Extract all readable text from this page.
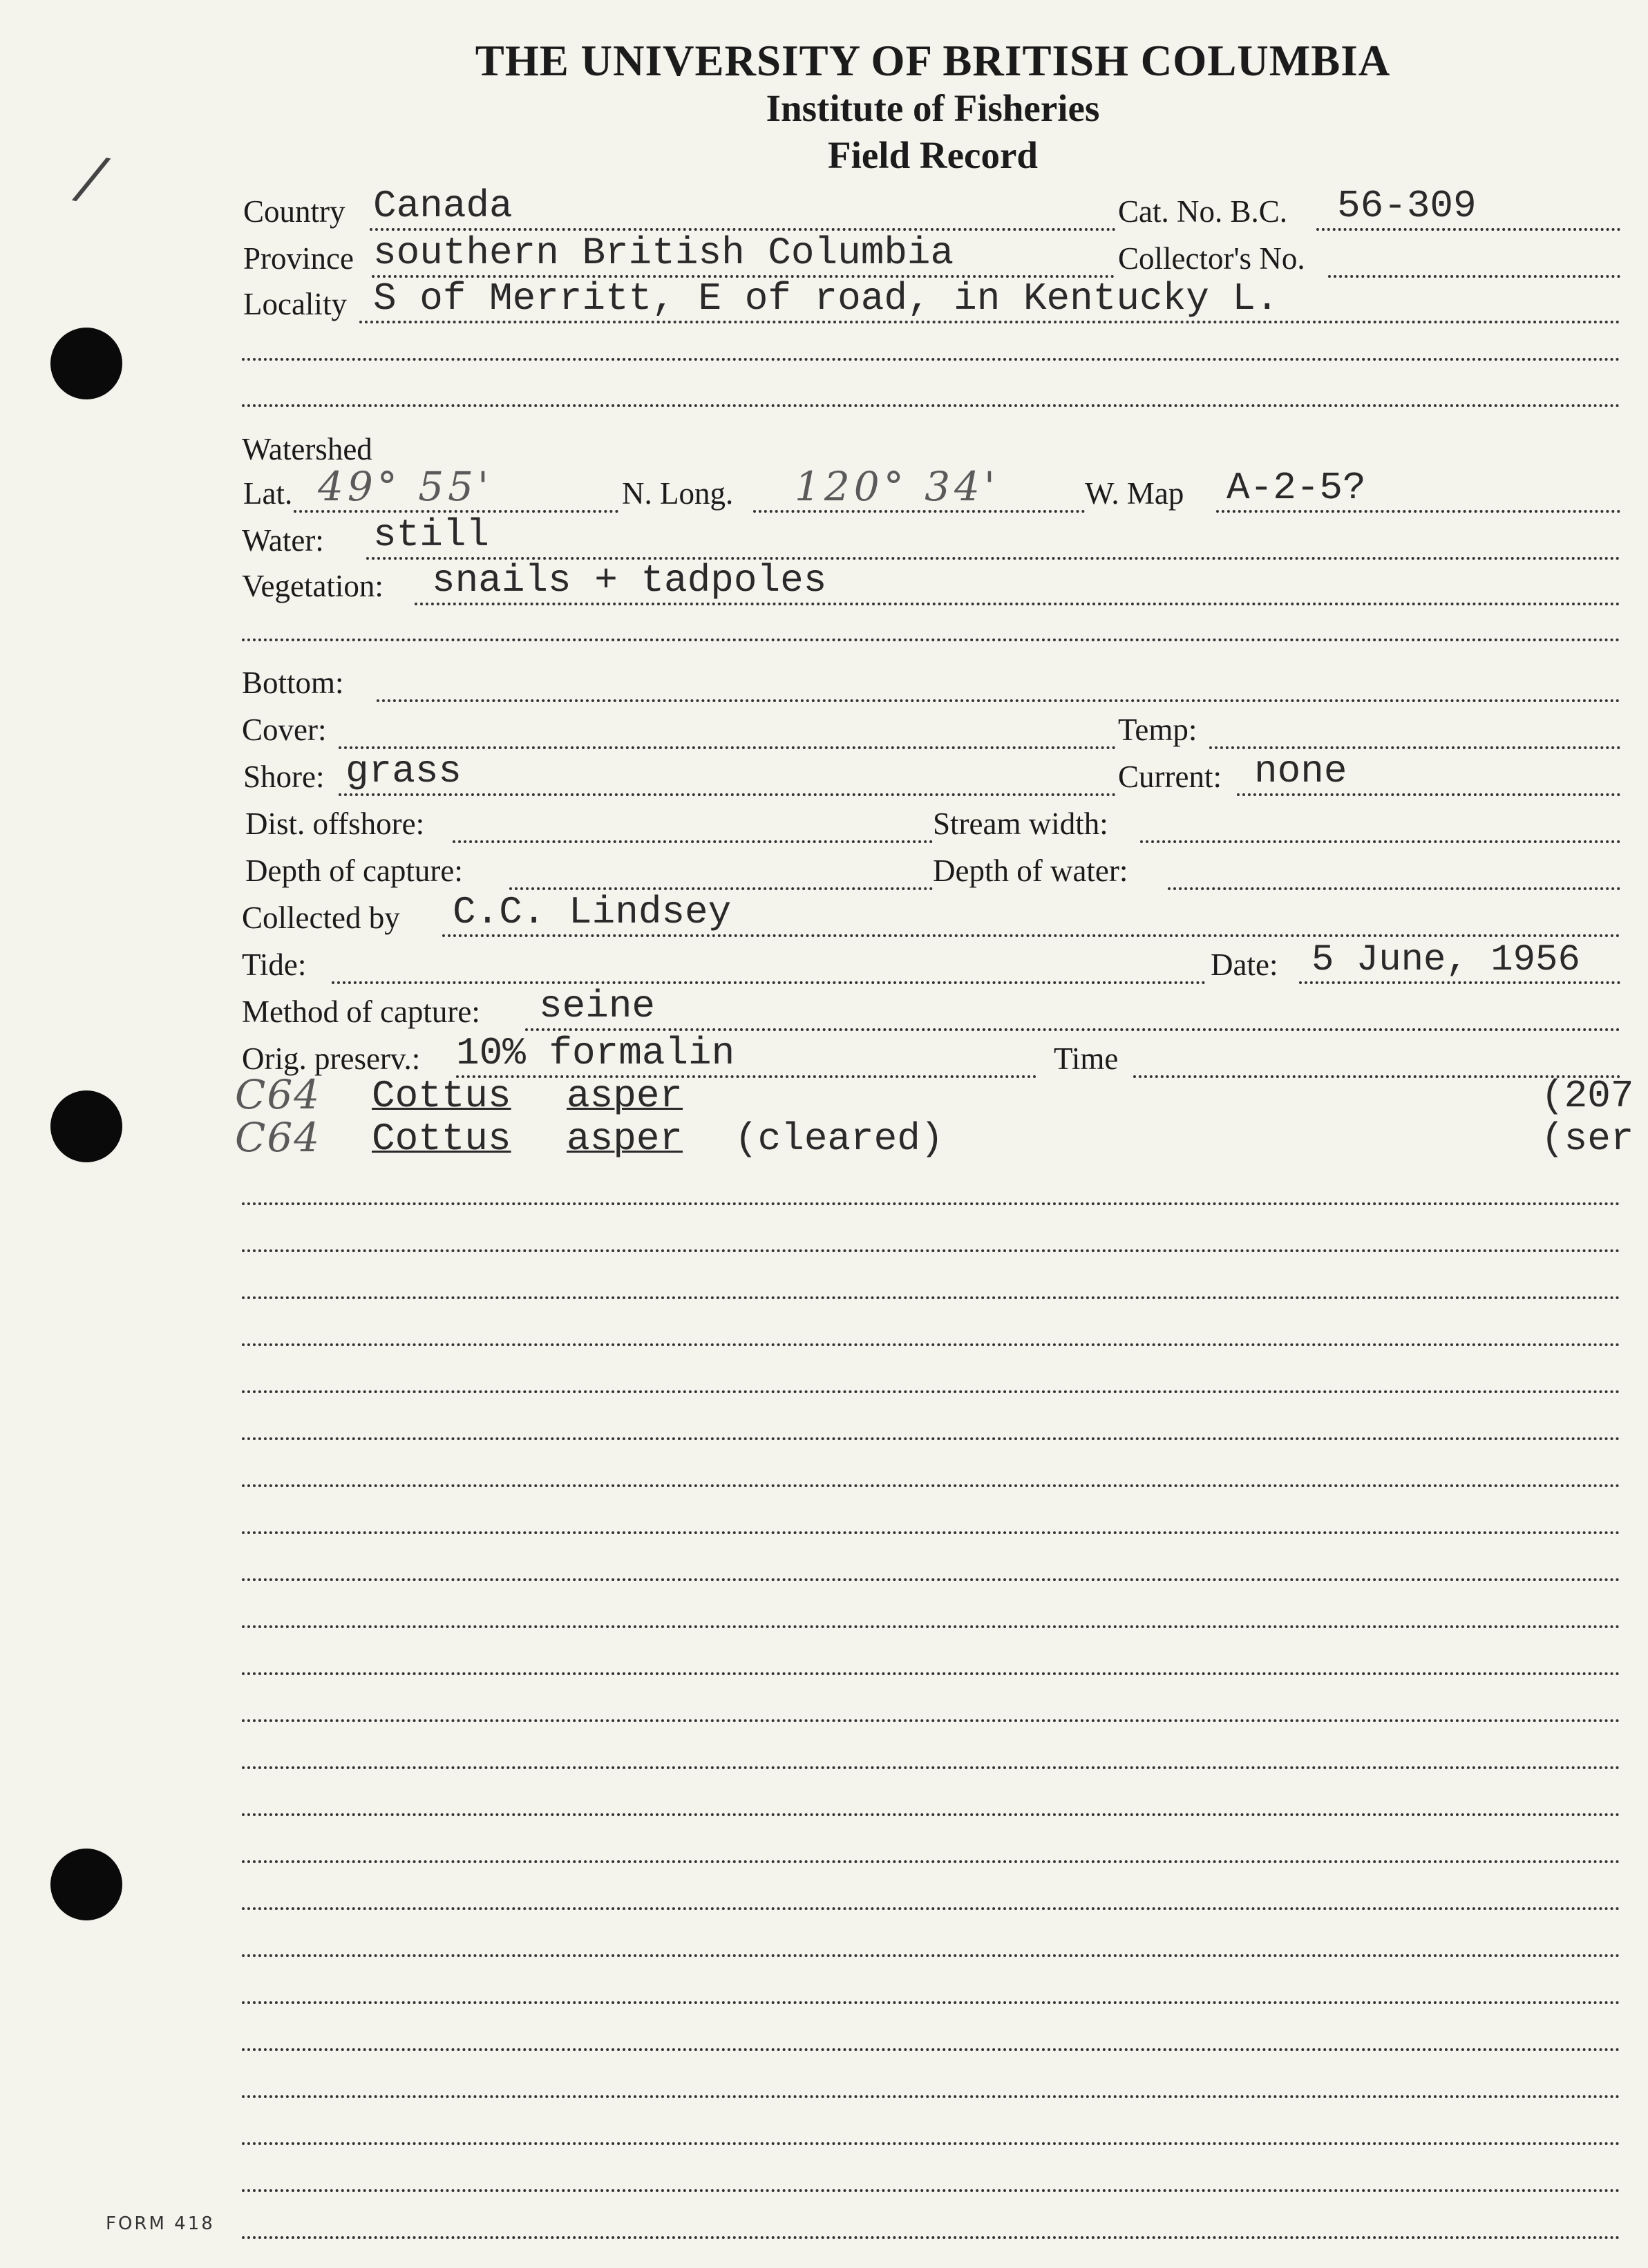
THE UNIVERSITY OF BRITISH COLUMBIA
Institute of Fisheries
Field Record
/	Country Canada	Cat. No. B.C. 56-309
Province southern British Columbia	Collector's No.
Locality S of Merritt, E of road, in Kentucky L.
Watershed
Lat. 49° 55'	N. Long. 120° 34'	W. Map A-2-5?
Water: still
Vegetation: snails + tadpoles
Bottom:
Cover:	Temp:
Shore: grass	Current: none
Dist. offshore:	Stream width:
Depth of capture:	Depth of water:
Collected by C.C. Lindsey
Tide:	Date: 5 June, 1956
Method of capture: seine
Orig. preserv.: 10% formalin	Time
C64 Cottus asper	(207
C64 Cottus asper (cleared)	(ser
FORM 418
